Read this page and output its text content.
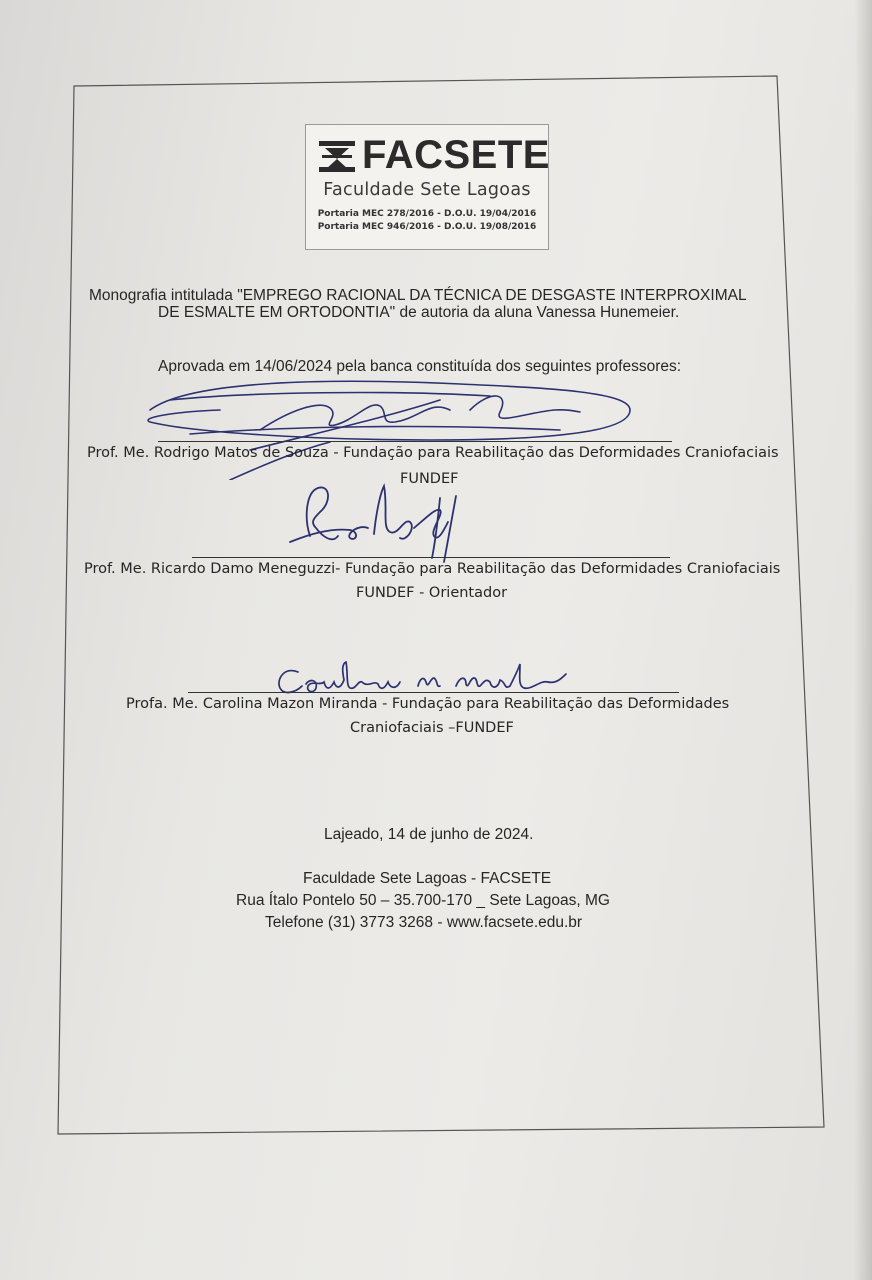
FACSETE
Faculdade Sete Lagoas
Portaria MEC 278/2016 - D.O.U. 19/04/2016
Portaria MEC 946/2016 - D.O.U. 19/08/2016
Monografia intitulada "EMPREGO RACIONAL DA TÉCNICA DE DESGASTE INTERPROXIMAL
DE ESMALTE EM ORTODONTIA" de autoria da aluna Vanessa Hunemeier.
Aprovada em 14/06/2024 pela banca constituída dos seguintes professores:
Prof. Me. Rodrigo Matos de Souza - Fundação para Reabilitação das Deformidades Craniofaciais
FUNDEF
Prof. Me. Ricardo Damo Meneguzzi- Fundação para Reabilitação das Deformidades Craniofaciais
FUNDEF - Orientador
Profa. Me. Carolina Mazon Miranda - Fundação para Reabilitação das Deformidades
Craniofaciais –FUNDEF
Lajeado, 14 de junho de 2024.
Faculdade Sete Lagoas - FACSETE
Rua Ítalo Pontelo 50 – 35.700-170 _ Sete Lagoas, MG
Telefone (31) 3773 3268 - www.facsete.edu.br
